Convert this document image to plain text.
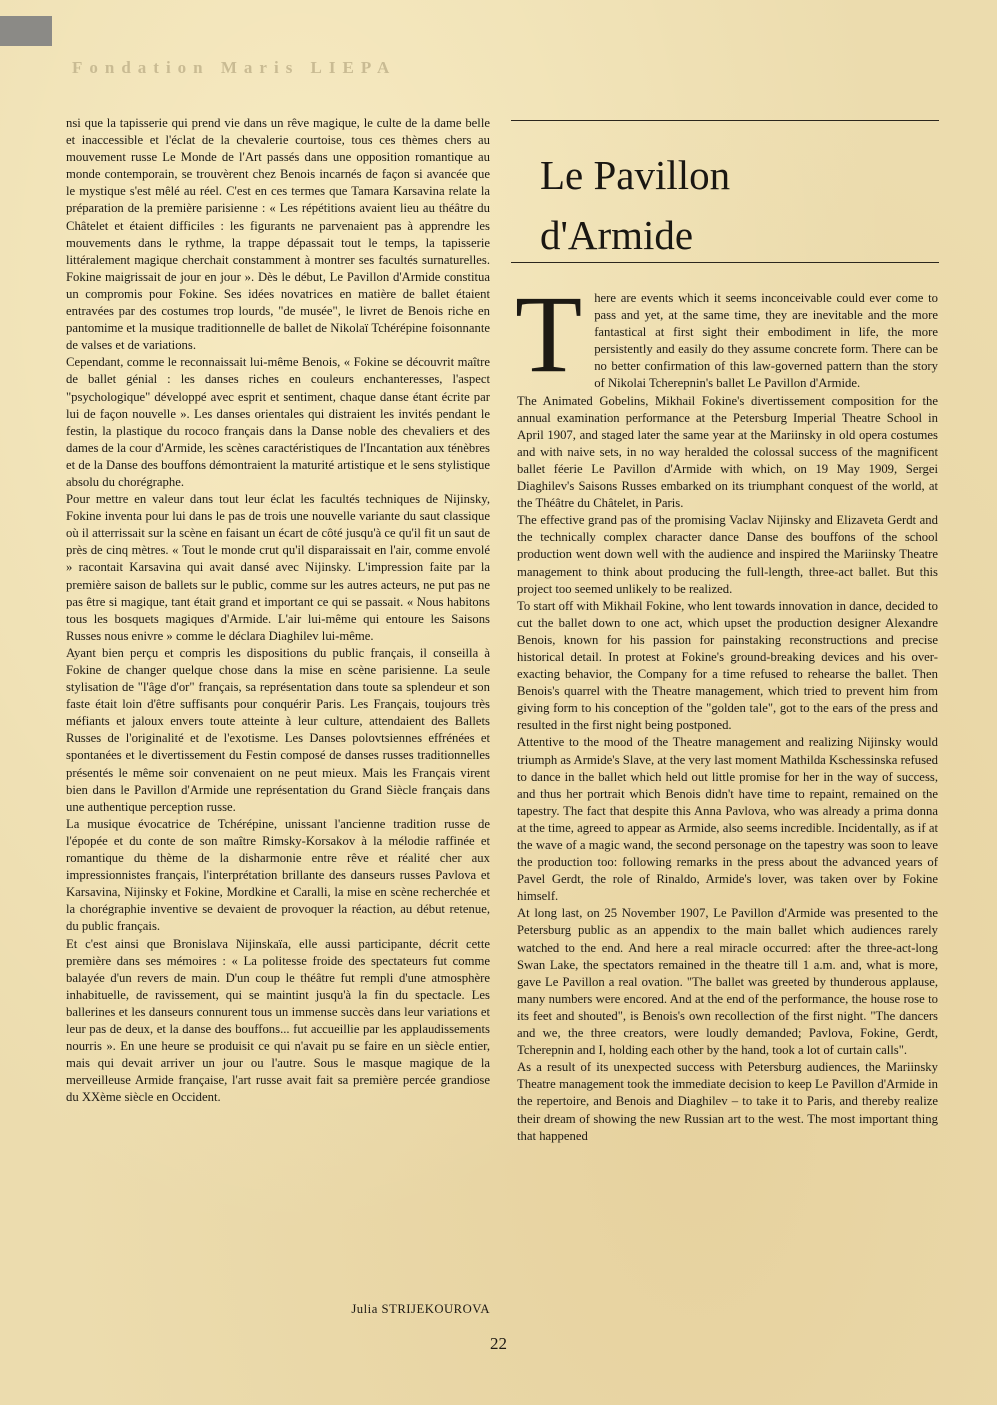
Fondation Maris LIEPA

nsi que la tapisserie qui prend vie dans un rêve magique, le culte de la dame belle et inaccessible et l'éclat de la chevalerie courtoise, tous ces thèmes chers au mouvement russe Le Monde de l'Art passés dans une opposition romantique au monde contemporain, se trouvèrent chez Benois incarnés de façon si avancée que le mystique s'est mêlé au réel. C'est en ces termes que Tamara Karsavina relate la préparation de la première parisienne : « Les répétitions avaient lieu au théâtre du Châtelet et étaient difficiles : les figurants ne parvenaient pas à apprendre les mouvements dans le rythme, la trappe dépassait tout le temps, la tapisserie littéralement magique cherchait constamment à montrer ses facultés surnaturelles. Fokine maigrissait de jour en jour ». Dès le début, Le Pavillon d'Armide constitua un compromis pour Fokine. Ses idées novatrices en matière de ballet étaient entravées par des costumes trop lourds, "de musée", le livret de Benois riche en pantomime et la musique traditionnelle de ballet de Nikolaï Tchérépine foisonnante de valses et de variations.

Cependant, comme le reconnaissait lui-même Benois, « Fokine se découvrit maître de ballet génial : les danses riches en couleurs enchanteresses, l'aspect "psychologique" développé avec esprit et sentiment, chaque danse étant écrite par lui de façon nouvelle ». Les danses orientales qui distraient les invités pendant le festin, la plastique du rococo français dans la Danse noble des chevaliers et des dames de la cour d'Armide, les scènes caractéristiques de l'Incantation aux ténèbres et de la Danse des bouffons démontraient la maturité artistique et le sens stylistique absolu du chorégraphe.

Pour mettre en valeur dans tout leur éclat les facultés techniques de Nijinsky, Fokine inventa pour lui dans le pas de trois une nouvelle variante du saut classique où il atterrissait sur la scène en faisant un écart de côté jusqu'à ce qu'il fit un saut de près de cinq mètres. « Tout le monde crut qu'il disparaissait en l'air, comme envolé » racontait Karsavina qui avait dansé avec Nijinsky. L'impression faite par la première saison de ballets sur le public, comme sur les autres acteurs, ne put pas ne pas être si magique, tant était grand et important ce qui se passait. « Nous habitons tous les bosquets magiques d'Armide. L'air lui-même qui entoure les Saisons Russes nous enivre » comme le déclara Diaghilev lui-même.

Ayant bien perçu et compris les dispositions du public français, il conseilla à Fokine de changer quelque chose dans la mise en scène parisienne. La seule stylisation de "l'âge d'or" français, sa représentation dans toute sa splendeur et son faste était loin d'être suffisants pour conquérir Paris. Les Français, toujours très méfiants et jaloux envers toute atteinte à leur culture, attendaient des Ballets Russes de l'originalité et de l'exotisme. Les Danses polovtsiennes effrénées et spontanées et le divertissement du Festin composé de danses russes traditionnelles présentés le même soir convenaient on ne peut mieux. Mais les Français virent bien dans le Pavillon d'Armide une représentation du Grand Siècle français dans une authentique perception russe.

La musique évocatrice de Tchérépine, unissant l'ancienne tradition russe de l'épopée et du conte de son maître Rimsky-Korsakov à la mélodie raffinée et romantique du thème de la disharmonie entre rêve et réalité cher aux impressionnistes français, l'interprétation brillante des danseurs russes Pavlova et Karsavina, Nijinsky et Fokine, Mordkine et Caralli, la mise en scène recherchée et la chorégraphie inventive se devaient de provoquer la réaction, au début retenue, du public français.

Et c'est ainsi que Bronislava Nijinskaïa, elle aussi participante, décrit cette première dans ses mémoires : « La politesse froide des spectateurs fut comme balayée d'un revers de main. D'un coup le théâtre fut rempli d'une atmosphère inhabituelle, de ravissement, qui se maintint jusqu'à la fin du spectacle. Les ballerines et les danseurs connurent tous un immense succès dans leur variations et leur pas de deux, et la danse des bouffons... fut accueillie par les applaudissements nourris ». En une heure se produisit ce qui n'avait pu se faire en un siècle entier, mais qui devait arriver un jour ou l'autre. Sous le masque magique de la merveilleuse Armide française, l'art russe avait fait sa première percée grandiose du XXème siècle en Occident.

Julia STRIJEKOUROVA
Le Pavillon
d'Armide
T here are events which it seems inconceivable could ever come to pass and yet, at the same time, they are inevitable and the more fantastical at first sight their embodiment in life, the more persistently and easily do they assume concrete form. There can be no better confirmation of this law-governed pattern than the story of Nikolai Tcherepnin's ballet Le Pavillon d'Armide.

The Animated Gobelins, Mikhail Fokine's divertissement composition for the annual examination performance at the Petersburg Imperial Theatre School in April 1907, and staged later the same year at the Mariinsky in old opera costumes and with naive sets, in no way heralded the colossal success of the magnificent ballet féerie Le Pavillon d'Armide with which, on 19 May 1909, Sergei Diaghilev's Saisons Russes embarked on its triumphant conquest of the world, at the Théâtre du Châtelet, in Paris.

The effective grand pas of the promising Vaclav Nijinsky and Elizaveta Gerdt and the technically complex character dance Danse des bouffons of the school production went down well with the audience and inspired the Mariinsky Theatre management to think about producing the full-length, three-act ballet. But this project too seemed unlikely to be realized.

To start off with Mikhail Fokine, who lent towards innovation in dance, decided to cut the ballet down to one act, which upset the production designer Alexandre Benois, known for his passion for painstaking reconstructions and precise historical detail. In protest at Fokine's ground-breaking devices and his over-exacting behavior, the Company for a time refused to rehearse the ballet. Then Benois's quarrel with the Theatre management, which tried to prevent him from giving form to his conception of the "golden tale", got to the ears of the press and resulted in the first night being postponed.

Attentive to the mood of the Theatre management and realizing Nijinsky would triumph as Armide's Slave, at the very last moment Mathilda Kschessinska refused to dance in the ballet which held out little promise for her in the way of success, and thus her portrait which Benois didn't have time to repaint, remained on the tapestry. The fact that despite this Anna Pavlova, who was already a prima donna at the time, agreed to appear as Armide, also seems incredible. Incidentally, as if at the wave of a magic wand, the second personage on the tapestry was soon to leave the production too: following remarks in the press about the advanced years of Pavel Gerdt, the role of Rinaldo, Armide's lover, was taken over by Fokine himself.

At long last, on 25 November 1907, Le Pavillon d'Armide was presented to the Petersburg public as an appendix to the main ballet which audiences rarely watched to the end. And here a real miracle occurred: after the three-act-long Swan Lake, the spectators remained in the theatre till 1 a.m. and, what is more, gave Le Pavillon a real ovation. "The ballet was greeted by thunderous applause, many numbers were encored. And at the end of the performance, the house rose to its feet and shouted", is Benois's own recollection of the first night. "The dancers and we, the three creators, were loudly demanded; Pavlova, Fokine, Gerdt, Tcherepnin and I, holding each other by the hand, took a lot of curtain calls".

As a result of its unexpected success with Petersburg audiences, the Mariinsky Theatre management took the immediate decision to keep Le Pavillon d'Armide in the repertoire, and Benois and Diaghilev – to take it to Paris, and thereby realize their dream of showing the new Russian art to the west. The most important thing that happened

22
